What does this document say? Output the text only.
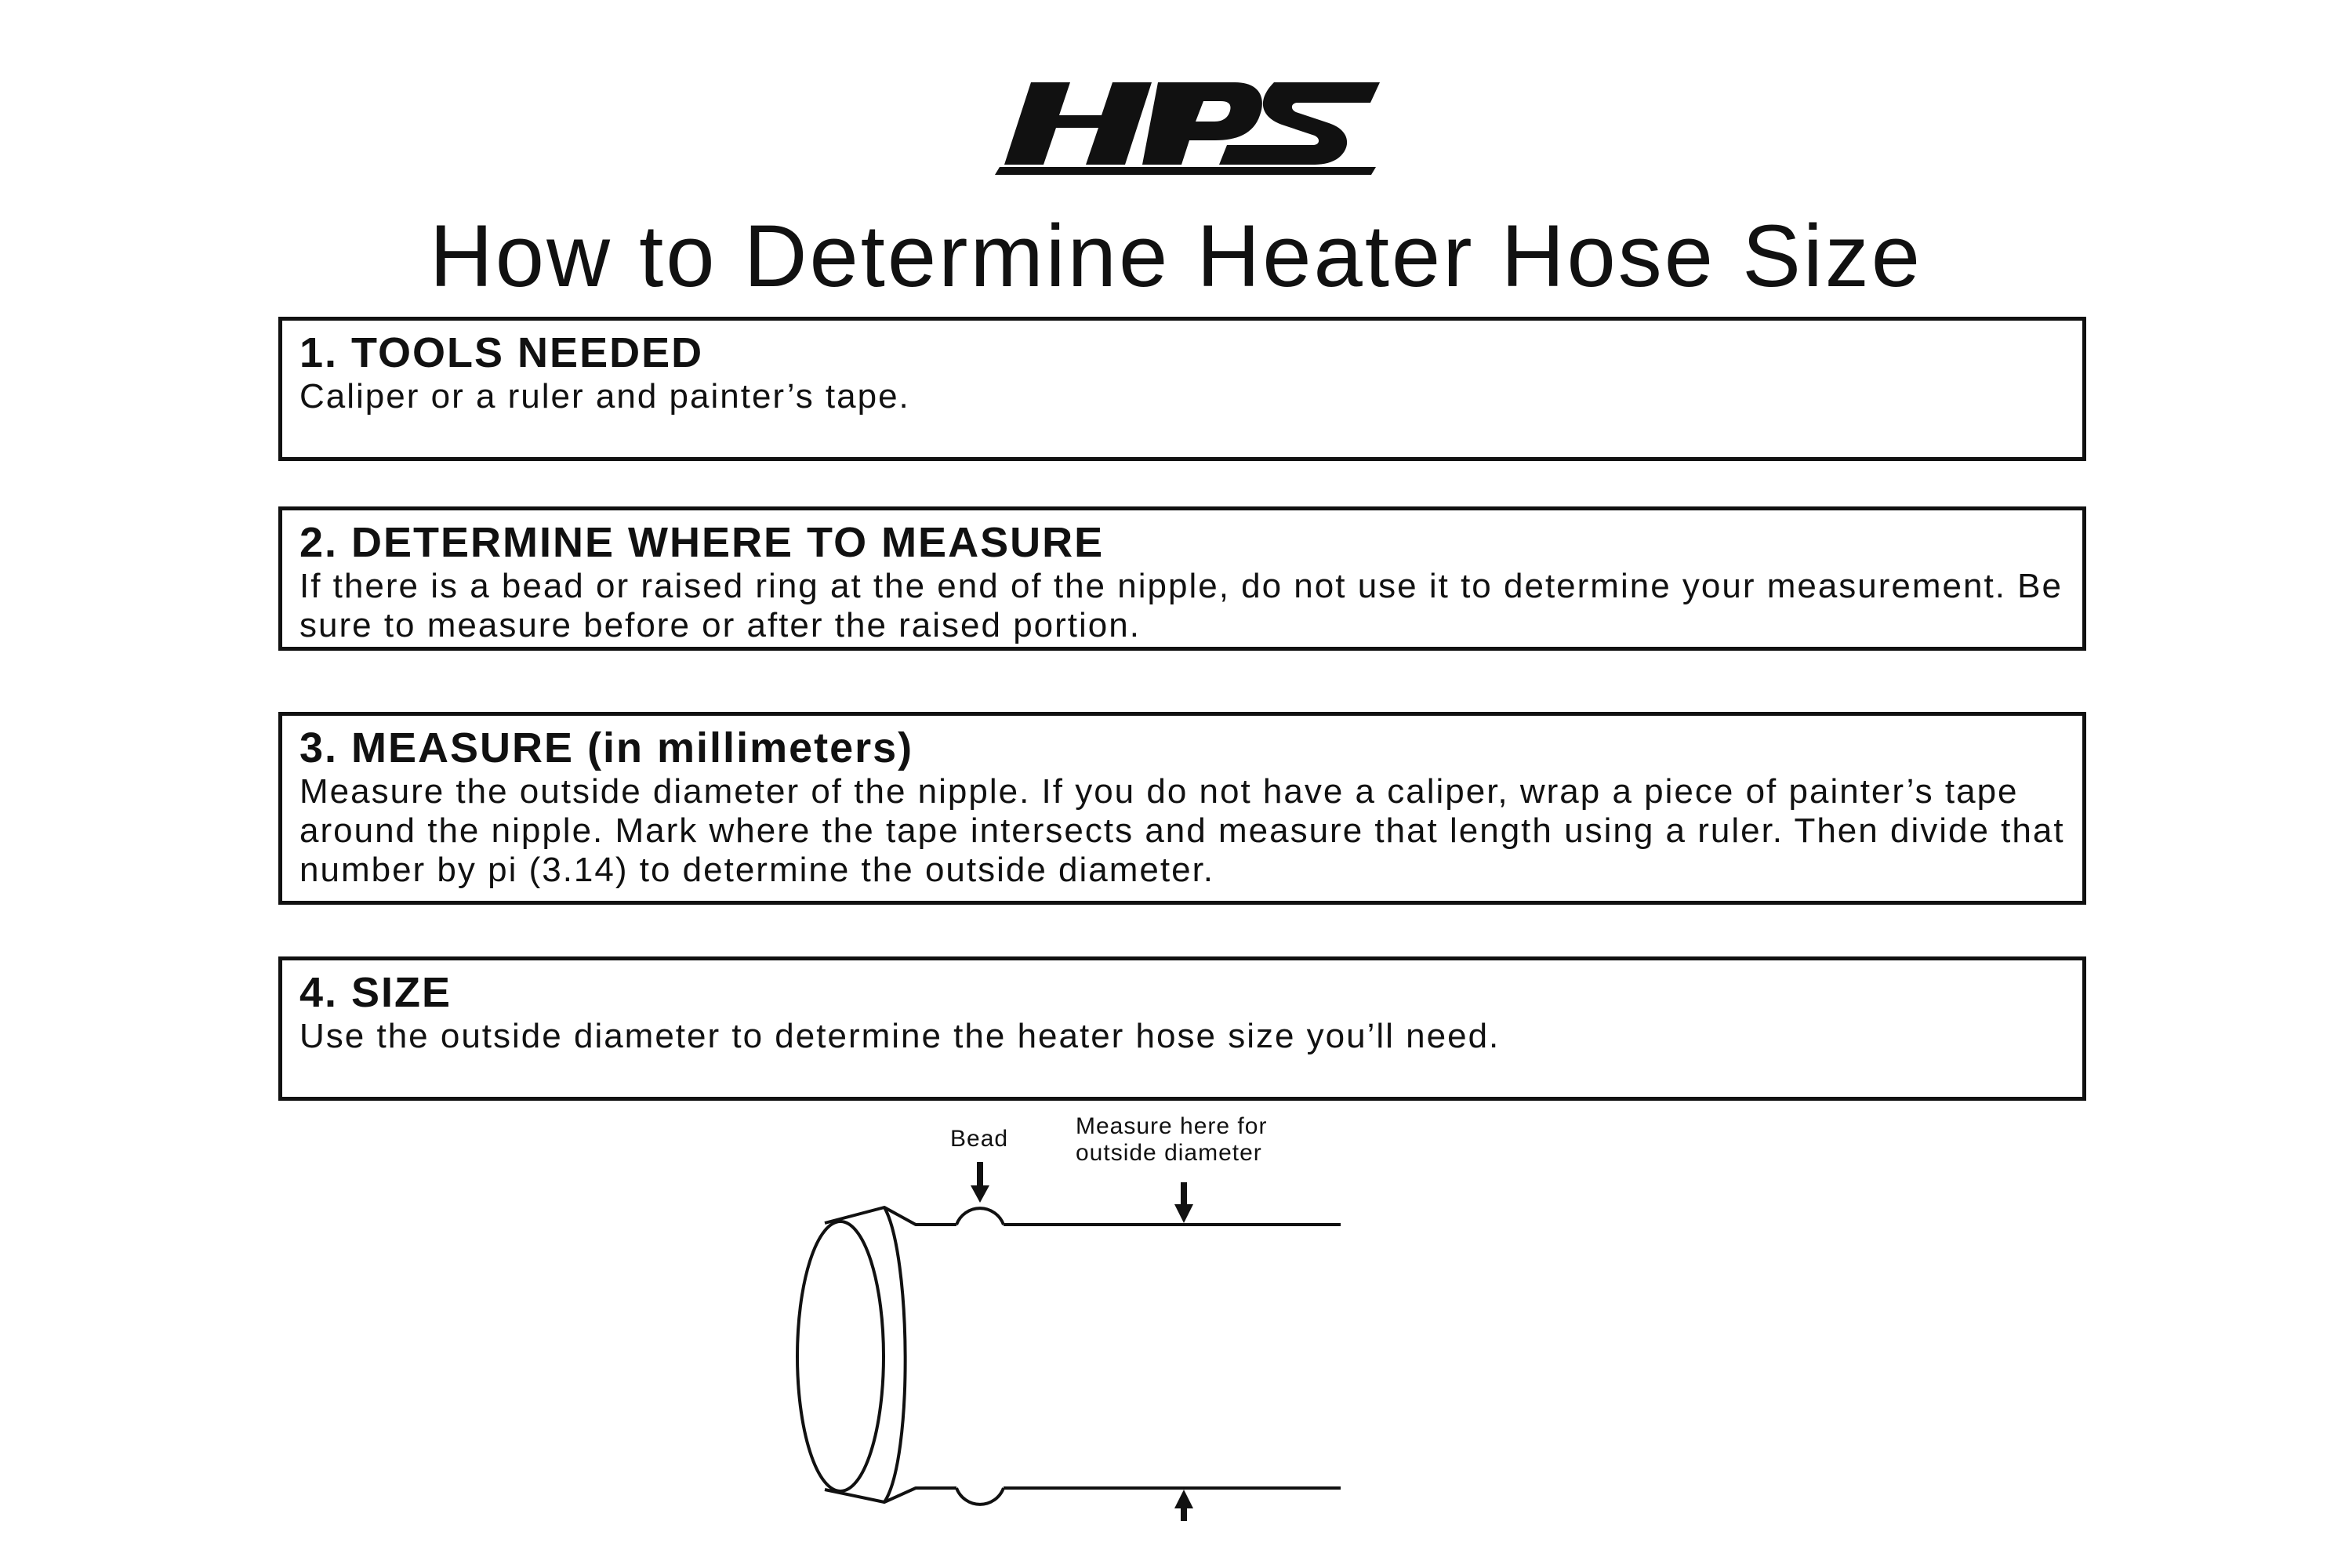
How to Determine Heater Hose Size

1. TOOLS NEEDED

Caliper or a ruler and painter’s tape.

2. DETERMINE WHERE TO MEASURE

If there is a bead or raised ring at the end of the nipple, do not use it to determine your measurement. Be sure to measure before or after the raised portion.

3. MEASURE (in millimeters)

Measure the outside diameter of the nipple. If you do not have a caliper, wrap a piece of painter’s tape around the nipple. Mark where the tape intersects and measure that length using a ruler. Then divide that number by pi (3.14) to determine the outside diameter.

4. SIZE

Use the outside diameter to determine the heater hose size you’ll need.

Bead	Measure here for
outside diameter
